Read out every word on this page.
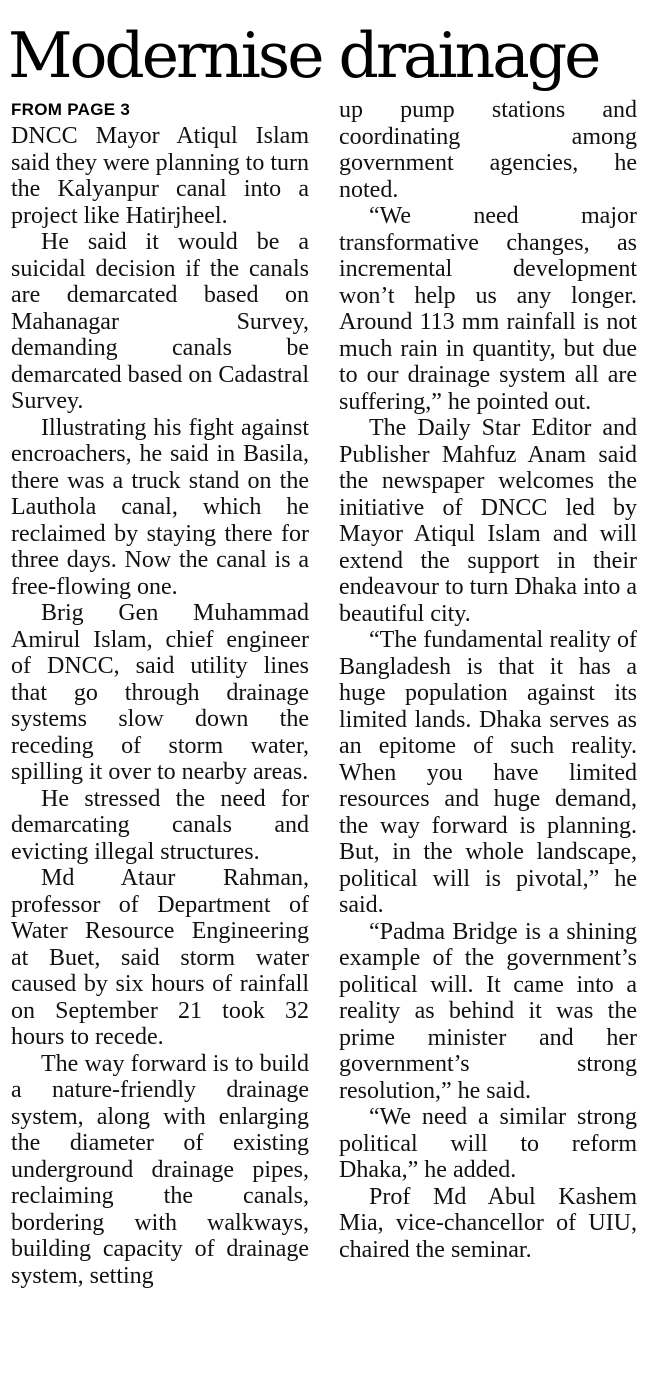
Modernise drainage
FROM PAGE 3

DNCC Mayor Atiqul Islam said they were planning to turn the Kalyanpur canal into a project like Hatirjheel.

He said it would be a suicidal decision if the canals are demarcated based on Mahanagar Survey, demanding canals be demarcated based on Cadastral Survey.

Illustrating his fight against encroachers, he said in Basila, there was a truck stand on the Lauthola canal, which he reclaimed by staying there for three days. Now the canal is a free-flowing one.

Brig Gen Muhammad Amirul Islam, chief engineer of DNCC, said utility lines that go through drainage systems slow down the receding of storm water, spilling it over to nearby areas.

He stressed the need for demarcating canals and evicting illegal structures.

Md Ataur Rahman, professor of Department of Water Resource Engineering at Buet, said storm water caused by six hours of rainfall on September 21 took 32 hours to recede.

The way forward is to build a nature-friendly drainage system, along with enlarging the diameter of existing underground drainage pipes, reclaiming the canals, bordering with walkways, building capacity of drainage system, setting

up pump stations and coordinating among government agencies, he noted.

“We need major transformative changes, as incremental development won’t help us any longer. Around 113 mm rainfall is not much rain in quantity, but due to our drainage system all are suffering,” he pointed out.

The Daily Star Editor and Publisher Mahfuz Anam said the newspaper welcomes the initiative of DNCC led by Mayor Atiqul Islam and will extend the support in their endeavour to turn Dhaka into a beautiful city.

“The fundamental reality of Bangladesh is that it has a huge population against its limited lands. Dhaka serves as an epitome of such reality. When you have limited resources and huge demand, the way forward is planning. But, in the whole landscape, political will is pivotal,” he said.

“Padma Bridge is a shining example of the government’s political will. It came into a reality as behind it was the prime minister and her government’s strong resolution,” he said.

“We need a similar strong political will to reform Dhaka,” he added.

Prof Md Abul Kashem Mia, vice-chancellor of UIU, chaired the seminar.
